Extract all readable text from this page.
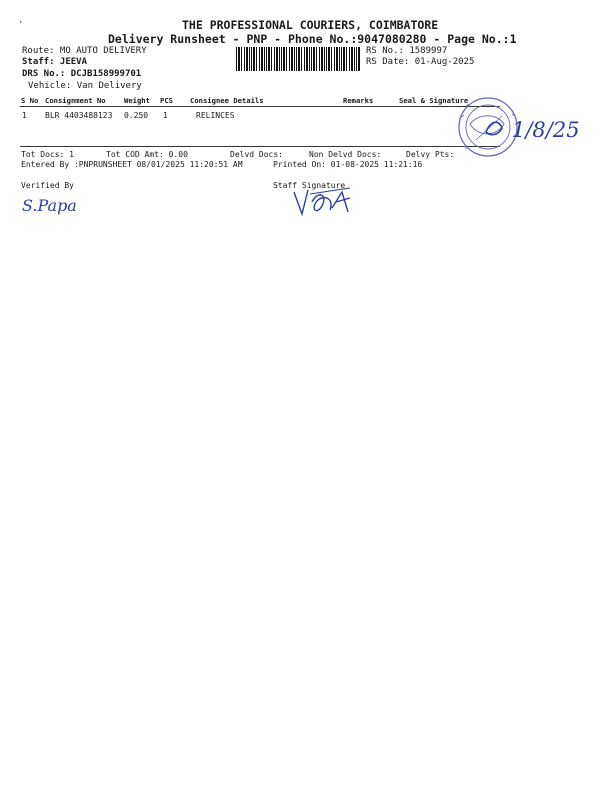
·	THE PROFESSIONAL COURIERS, COIMBATORE
Delivery Runsheet - PNP - Phone No.:9047080280 - Page No.:1
Route: MO AUTO DELIVERY
Staff: JEEVA
DRS No.: DCJB158999701
Vehicle: Van Delivery
RS No.: 1589997
RS Date: 01-Aug-2025
S No Consignment No	Weight PCS Consignee Details	Remarks	Seal & Signature
1 BLR 4403488123 0.250 1	RELINCES
1/8/25
Tot Docs: 1	Tot COD Amt: 0.00	Delvd Docs:	Non Delvd Docs:	Delvy Pts:
Entered By :PNPRUNSHEET 08/01/2025 11:20:51 AM	Printed On: 01-08-2025 11:21:16
Verified By	Staff Signature
S.Papa
